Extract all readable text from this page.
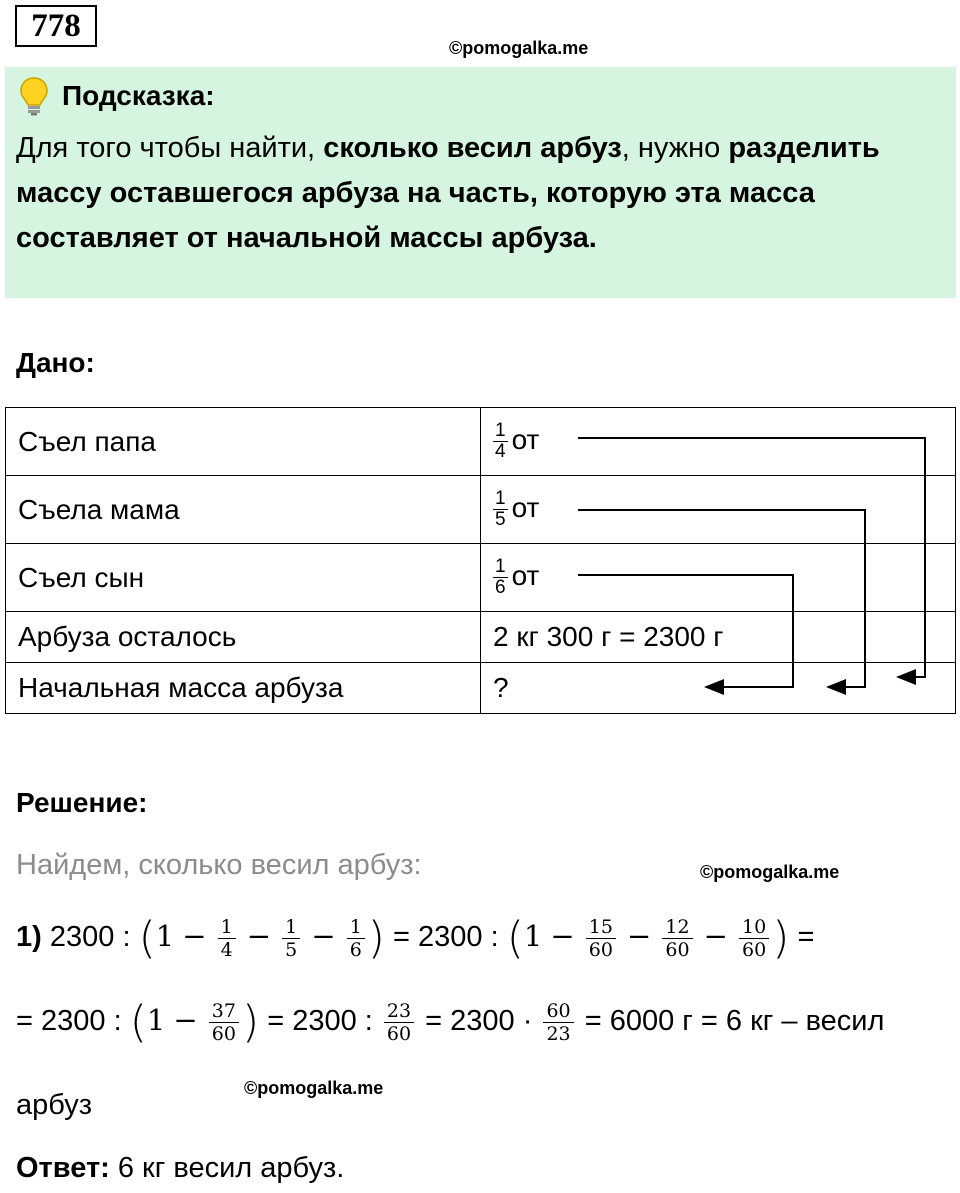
778
©pomogalka.me
Подсказка:
Для того чтобы найти, сколько весил арбуз, нужно разделить массу оставшегося арбуза на часть, которую эта масса составляет от начальной массы арбуза.
Дано:
Съел папа	$\frac{1}{4}$ от
Съела мама	$\frac{1}{5}$ от
Съел сын	$\frac{1}{6}$ от
Арбуза осталось	2 кг 300 г = 2300 г
Начальная масса арбуза	?
Решение:
Найдем, сколько весил арбуз:	©pomogalka.me
1) 2300 : ($1 - \frac{1}{4} - \frac{1}{5} - \frac{1}{6}$ ) = 2300 : ($1 - \frac{15}{60} - \frac{12}{60} - \frac{10}{60}$ ) =
= 2300 : ($1 - \frac{37}{60}$ ) = 2300 : $\frac{23}{60} = 2300 \cdot \frac{60}{23} = 6000$ г = 6 кг – весил
©pomogalka.me
арбуз
Ответ: 6 кг весил арбуз.
